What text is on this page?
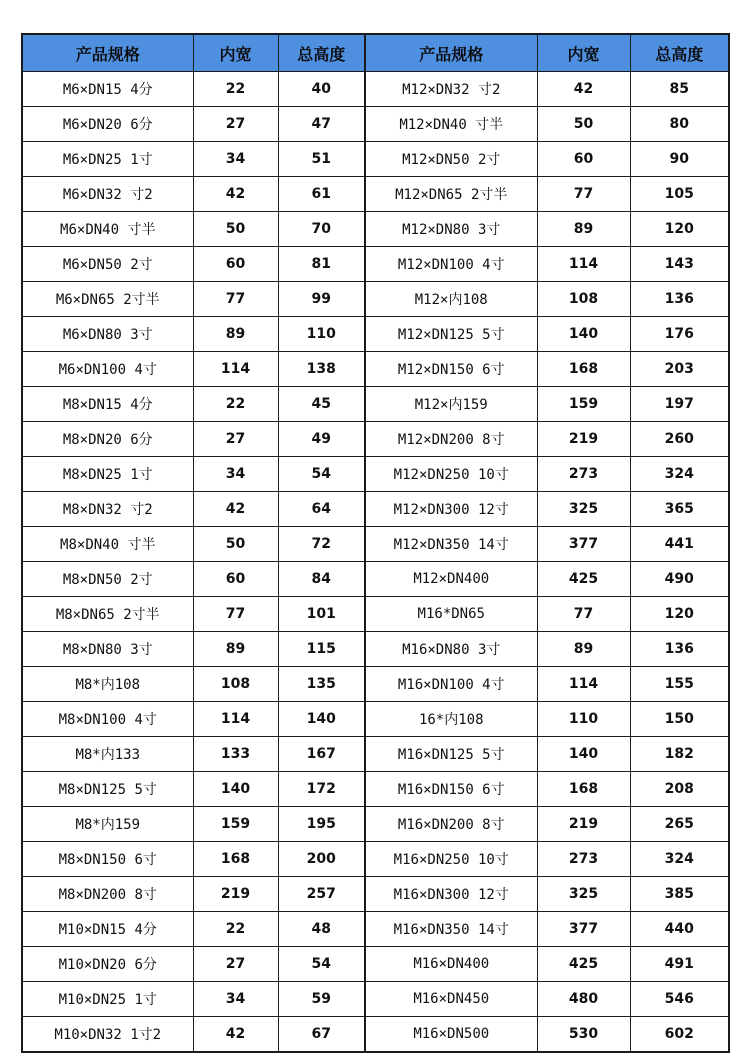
产品规格	内宽	总高度	产品规格	内宽	总高度
M6×DN15 4分	22	40	M12×DN32 寸2	42	85
M6×DN20 6分	27	47	M12×DN40 寸半	50	80
M6×DN25 1寸	34	51	M12×DN50 2寸	60	90
M6×DN32 寸2	42	61	M12×DN65 2寸半	77	105
M6×DN40 寸半	50	70	M12×DN80 3寸	89	120
M6×DN50 2寸	60	81	M12×DN100 4寸	114	143
M6×DN65 2寸半	77	99	M12×内108	108	136
M6×DN80 3寸	89	110	M12×DN125 5寸	140	176
M6×DN100 4寸	114	138	M12×DN150 6寸	168	203
M8×DN15 4分	22	45	M12×内159	159	197
M8×DN20 6分	27	49	M12×DN200 8寸	219	260
M8×DN25 1寸	34	54	M12×DN250 10寸	273	324
M8×DN32 寸2	42	64	M12×DN300 12寸	325	365
M8×DN40 寸半	50	72	M12×DN350 14寸	377	441
M8×DN50 2寸	60	84	M12×DN400	425	490
M8×DN65 2寸半	77	101	M16*DN65	77	120
M8×DN80 3寸	89	115	M16×DN80 3寸	89	136
M8*内108	108	135	M16×DN100 4寸	114	155
M8×DN100 4寸	114	140	16*内108	110	150
M8*内133	133	167	M16×DN125 5寸	140	182
M8×DN125 5寸	140	172	M16×DN150 6寸	168	208
M8*内159	159	195	M16×DN200 8寸	219	265
M8×DN150 6寸	168	200	M16×DN250 10寸	273	324
M8×DN200 8寸	219	257	M16×DN300 12寸	325	385
M10×DN15 4分	22	48	M16×DN350 14寸	377	440
M10×DN20 6分	27	54	M16×DN400	425	491
M10×DN25 1寸	34	59	M16×DN450	480	546
M10×DN32 1寸2	42	67	M16×DN500	530	602
